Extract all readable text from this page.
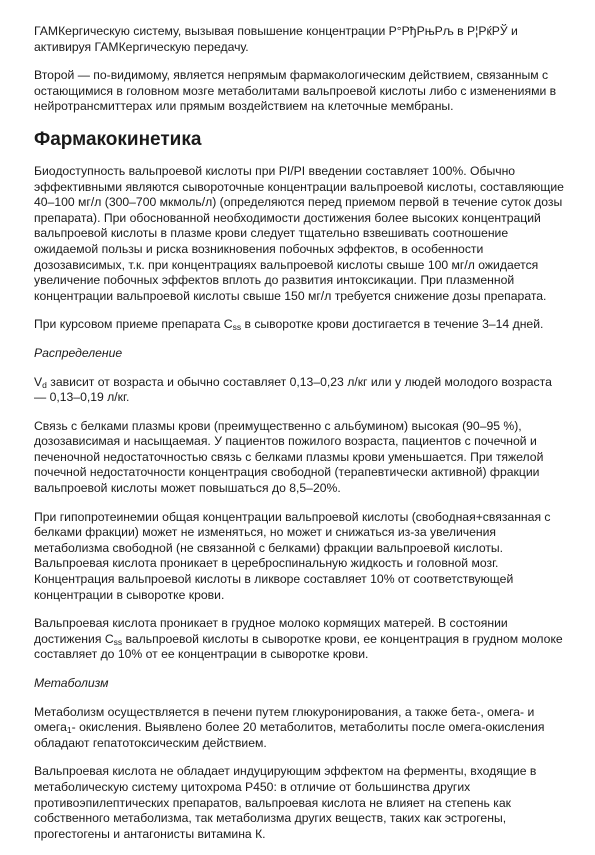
ГАМКергическую систему, вызывая повышение концентрации Р°РђРњРљ в Р¦РќРЎ и активируя ГАМКергическую передачу.

Второй — по-видимому, является непрямым фармакологическим действием, связанным с остающимися в головном мозге метаболитами вальпроевой кислоты либо с изменениями в нейротрансмиттерах или прямым воздействием на клеточные мембраны.

Фармакокинетика

Биодоступность вальпроевой кислоты при РІ/РІ введении составляет 100%. Обычно эффективными являются сывороточные концентрации вальпроевой кислоты, составляющие 40–100 мг/л (300–700 мкмоль/л) (определяются перед приемом первой в течение суток дозы препарата). При обоснованной необходимости достижения более высоких концентраций вальпроевой кислоты в плазме крови следует тщательно взвешивать соотношение ожидаемой пользы и риска возникновения побочных эффектов, в особенности дозозависимых, т.к. при концентрациях вальпроевой кислоты свыше 100 мг/л ожидается увеличение побочных эффектов вплоть до развития интоксикации. При плазменной концентрации вальпроевой кислоты свыше 150 мг/л требуется снижение дозы препарата.

При курсовом приеме препарата $C_{ss}$ в сыворотке крови достигается в течение 3–14 дней.

Распределение

$V_d$ зависит от возраста и обычно составляет 0,13–0,23 л/кг или у людей молодого возраста — 0,13–0,19 л/кг.

Связь с белками плазмы крови (преимущественно с альбумином) высокая (90–95 %), дозозависимая и насыщаемая. У пациентов пожилого возраста, пациентов с почечной и печеночной недостаточностью связь с белками плазмы крови уменьшается. При тяжелой почечной недостаточности концентрация свободной (терапевтически активной) фракции вальпроевой кислоты может повышаться до 8,5–20%.

При гипопротеинемии общая концентрации вальпроевой кислоты (свободная+связанная с белками фракции) может не изменяться, но может и снижаться из-за увеличения метаболизма свободной (не связанной с белками) фракции вальпроевой кислоты. Вальпроевая кислота проникает в цереброспинальную жидкость и головной мозг. Концентрация вальпроевой кислоты в ликворе составляет 10% от соответствующей концентрации в сыворотке крови.

Вальпроевая кислота проникает в грудное молоко кормящих матерей. В состоянии достижения $C_{ss}$ вальпроевой кислоты в сыворотке крови, ее концентрация в грудном молоке составляет до 10% от ее концентрации в сыворотке крови.

Метаболизм

Метаболизм осуществляется в печени путем глюкуронирования, а также бета-, омега- и омега$_1$- окисления. Выявлено более 20 метаболитов, метаболиты после омега-окисления обладают гепатотоксическим действием.

Вальпроевая кислота не обладает индуцирующим эффектом на ферменты, входящие в метаболическую систему цитохрома P450: в отличие от большинства других противоэпилептических препаратов, вальпроевая кислота не влияет на степень как собственного метаболизма, так метаболизма других веществ, таких как эстрогены, прогестогены и антагонисты витамина К.
